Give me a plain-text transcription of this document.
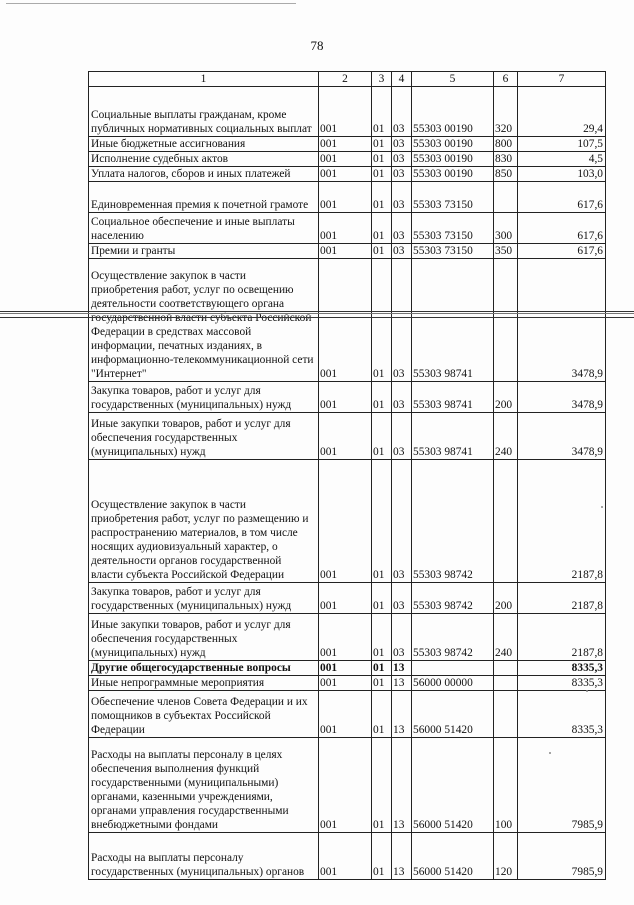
78
1	2	3	4	5	6	7
Социальные выплаты гражданам, кроме публичных нормативных социальных выплат	001	01	03	55303 00190	320	29,4
Иные бюджетные ассигнования	001	01	03	55303 00190	800	107,5
Исполнение судебных актов	001	01	03	55303 00190	830	4,5
Уплата налогов, сборов и иных платежей	001	01	03	55303 00190	850	103,0
Единовременная премия к почетной грамоте	001	01	03	55303 73150		617,6
Социальное обеспечение и иные выплаты населению	001	01	03	55303 73150	300	617,6
Премии и гранты	001	01	03	55303 73150	350	617,6
Осуществление закупок в части приобретения работ, услуг по освещению деятельности соответствующего органа государственной власти субъекта Российской Федерации в средствах массовой информации, печатных изданиях, в информационно-телекоммуникационной сети "Интернет"	001	01	03	55303 98741		3478,9
Закупка товаров, работ и услуг для государственных (муниципальных) нужд	001	01	03	55303 98741	200	3478,9
Иные закупки товаров, работ и услуг для обеспечения государственных (муниципальных) нужд	001	01	03	55303 98741	240	3478,9
Осуществление закупок в части приобретения работ, услуг по размещению и распространению материалов, в том числе носящих аудиовизуальный характер, о деятельности органов государственной власти субъекта Российской Федерации	001	01	03	55303 98742		2187,8
Закупка товаров, работ и услуг для государственных (муниципальных) нужд	001	01	03	55303 98742	200	2187,8
Иные закупки товаров, работ и услуг для обеспечения государственных (муниципальных) нужд	001	01	03	55303 98742	240	2187,8
Другие общегосударственные вопросы	001	01	13			8335,3
Иные непрограммные мероприятия	001	01	13	56000 00000		8335,3
Обеспечение членов Совета Федерации и их помощников в субъектах Российской Федерации	001	01	13	56000 51420		8335,3
Расходы на выплаты персоналу в целях обеспечения выполнения функций государственными (муниципальными) органами, казенными учреждениями, органами управления государственными внебюджетными фондами	001	01	13	56000 51420	100	7985,9
Расходы на выплаты персоналу государственных (муниципальных) органов	001	01	13	56000 51420	120	7985,9
